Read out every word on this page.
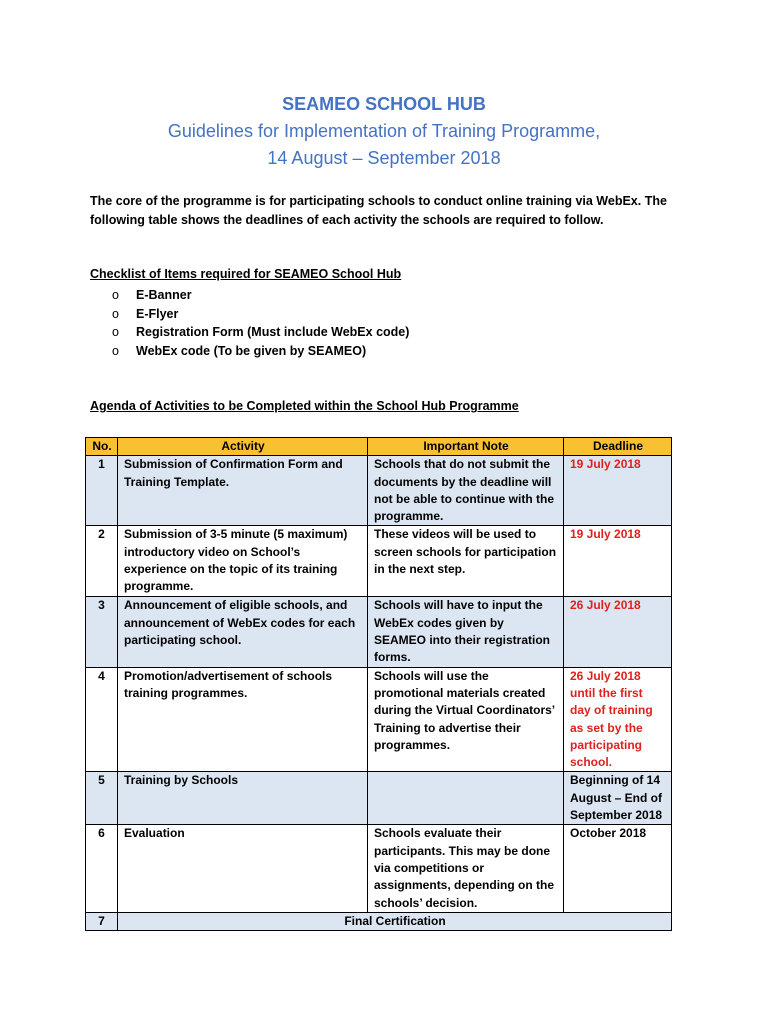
SEAMEO SCHOOL HUB
Guidelines for Implementation of Training Programme,
14 August – September 2018
The core of the programme is for participating schools to conduct online training via WebEx. The following table shows the deadlines of each activity the schools are required to follow.
Checklist of Items required for SEAMEO School Hub
o E-Banner
o E-Flyer
o Registration Form (Must include WebEx code)
o WebEx code (To be given by SEAMEO)
Agenda of Activities to be Completed within the School Hub Programme
No.	Activity	Important Note	Deadline
1	Submission of Confirmation Form and Training Template.	Schools that do not submit the documents by the deadline will not be able to continue with the programme.	19 July 2018
2	Submission of 3-5 minute (5 maximum) introductory video on School’s experience on the topic of its training programme.	These videos will be used to screen schools for participation in the next step.	19 July 2018
3	Announcement of eligible schools, and announcement of WebEx codes for each participating school.	Schools will have to input the WebEx codes given by SEAMEO into their registration forms.	26 July 2018
4	Promotion/advertisement of schools training programmes.	Schools will use the promotional materials created during the Virtual Coordinators’ Training to advertise their programmes.	26 July 2018 until the first day of training as set by the participating school.
5	Training by Schools		Beginning of 14 August – End of September 2018
6	Evaluation	Schools evaluate their participants. This may be done via competitions or assignments, depending on the schools’ decision.	October 2018
7	Final Certification		
